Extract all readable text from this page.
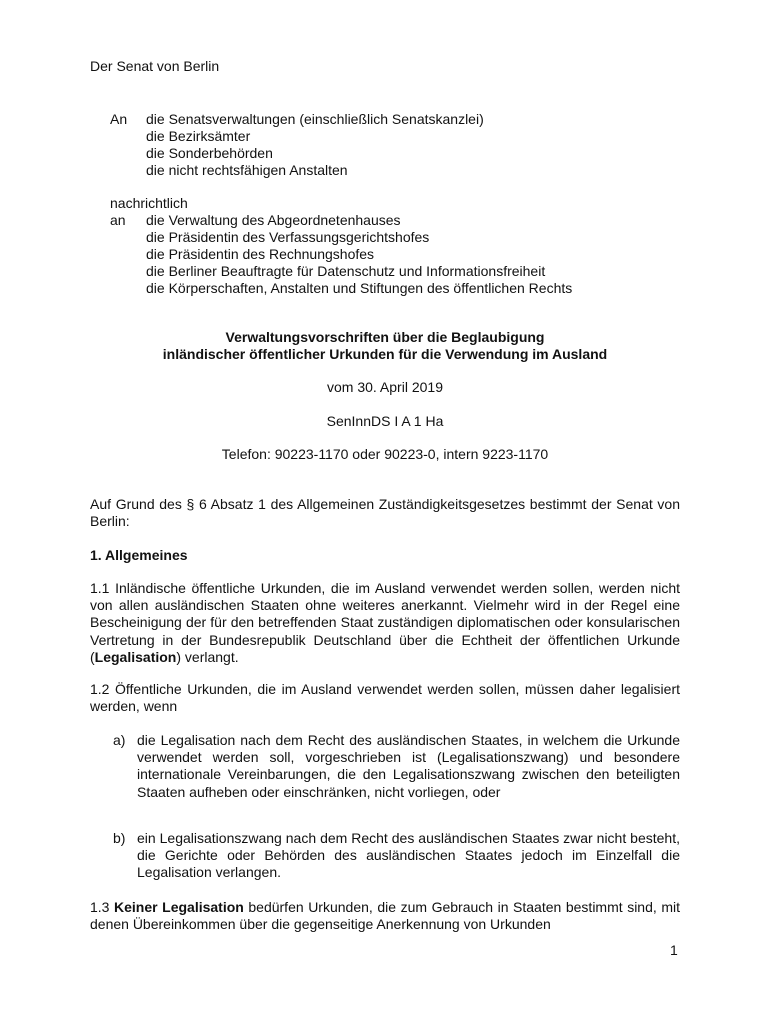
Der Senat von Berlin
An	die Senatsverwaltungen (einschließlich Senatskanzlei)
die Bezirksämter
die Sonderbehörden
die nicht rechtsfähigen Anstalten
nachrichtlich
an die Verwaltung des Abgeordnetenhauses
die Präsidentin des Verfassungsgerichtshofes
die Präsidentin des Rechnungshofes
die Berliner Beauftragte für Datenschutz und Informationsfreiheit
die Körperschaften, Anstalten und Stiftungen des öffentlichen Rechts
Verwaltungsvorschriften über die Beglaubigung
inländischer öffentlicher Urkunden für die Verwendung im Ausland
vom 30. April 2019
SenInnDS I A 1 Ha
Telefon: 90223-1170 oder 90223-0, intern 9223-1170
Auf Grund des § 6 Absatz 1 des Allgemeinen Zuständigkeitsgesetzes bestimmt der Senat von Berlin:
1. Allgemeines
1.1 Inländische öffentliche Urkunden, die im Ausland verwendet werden sollen, werden nicht von allen ausländischen Staaten ohne weiteres anerkannt. Vielmehr wird in der Regel eine Bescheinigung der für den betreffenden Staat zuständigen diplomatischen oder konsularischen Vertretung in der Bundesrepublik Deutschland über die Echtheit der öffentlichen Urkunde (Legalisation) verlangt.
1.2 Öffentliche Urkunden, die im Ausland verwendet werden sollen, müssen daher legalisiert werden, wenn
a) die Legalisation nach dem Recht des ausländischen Staates, in welchem die Urkunde verwendet werden soll, vorgeschrieben ist (Legalisationszwang) und besondere internationale Vereinbarungen, die den Legalisationszwang zwischen den beteiligten Staaten aufheben oder einschränken, nicht vorliegen, oder
b) ein Legalisationszwang nach dem Recht des ausländischen Staates zwar nicht besteht, die Gerichte oder Behörden des ausländischen Staates jedoch im Einzelfall die Legalisation verlangen.
1.3 Keiner Legalisation bedürfen Urkunden, die zum Gebrauch in Staaten bestimmt sind, mit denen Übereinkommen über die gegenseitige Anerkennung von Urkunden
1
